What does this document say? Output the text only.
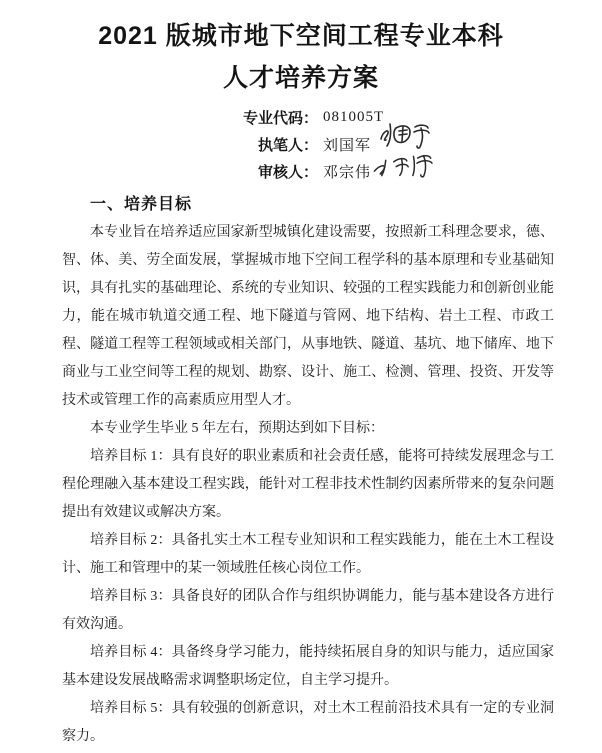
2021 版城市地下空间工程专业本科
人才培养方案
专业代码： 081005T
执笔人： 刘国军
审核人： 邓宗伟
一、培养目标

本专业旨在培养适应国家新型城镇化建设需要，按照新工科理念要求，德、智、体、美、劳全面发展，掌握城市地下空间工程学科的基本原理和专业基础知识，具有扎实的基础理论、系统的专业知识、较强的工程实践能力和创新创业能力，能在城市轨道交通工程、地下隧道与管网、地下结构、岩土工程、市政工程、隧道工程等工程领域或相关部门，从事地铁、隧道、基坑、地下储库、地下商业与工业空间等工程的规划、勘察、设计、施工、检测、管理、投资、开发等技术或管理工作的高素质应用型人才。

本专业学生毕业 5 年左右，预期达到如下目标：

培养目标 1：具有良好的职业素质和社会责任感，能将可持续发展理念与工程伦理融入基本建设工程实践，能针对工程非技术性制约因素所带来的复杂问题提出有效建议或解决方案。

培养目标 2：具备扎实土木工程专业知识和工程实践能力，能在土木工程设计、施工和管理中的某一领域胜任核心岗位工作。

培养目标 3：具备良好的团队合作与组织协调能力，能与基本建设各方进行有效沟通。

培养目标 4：具备终身学习能力，能持续拓展自身的知识与能力，适应国家基本建设发展战略需求调整职场定位，自主学习提升。

培养目标 5：具有较强的创新意识，对土木工程前沿技术具有一定的专业洞察力。
